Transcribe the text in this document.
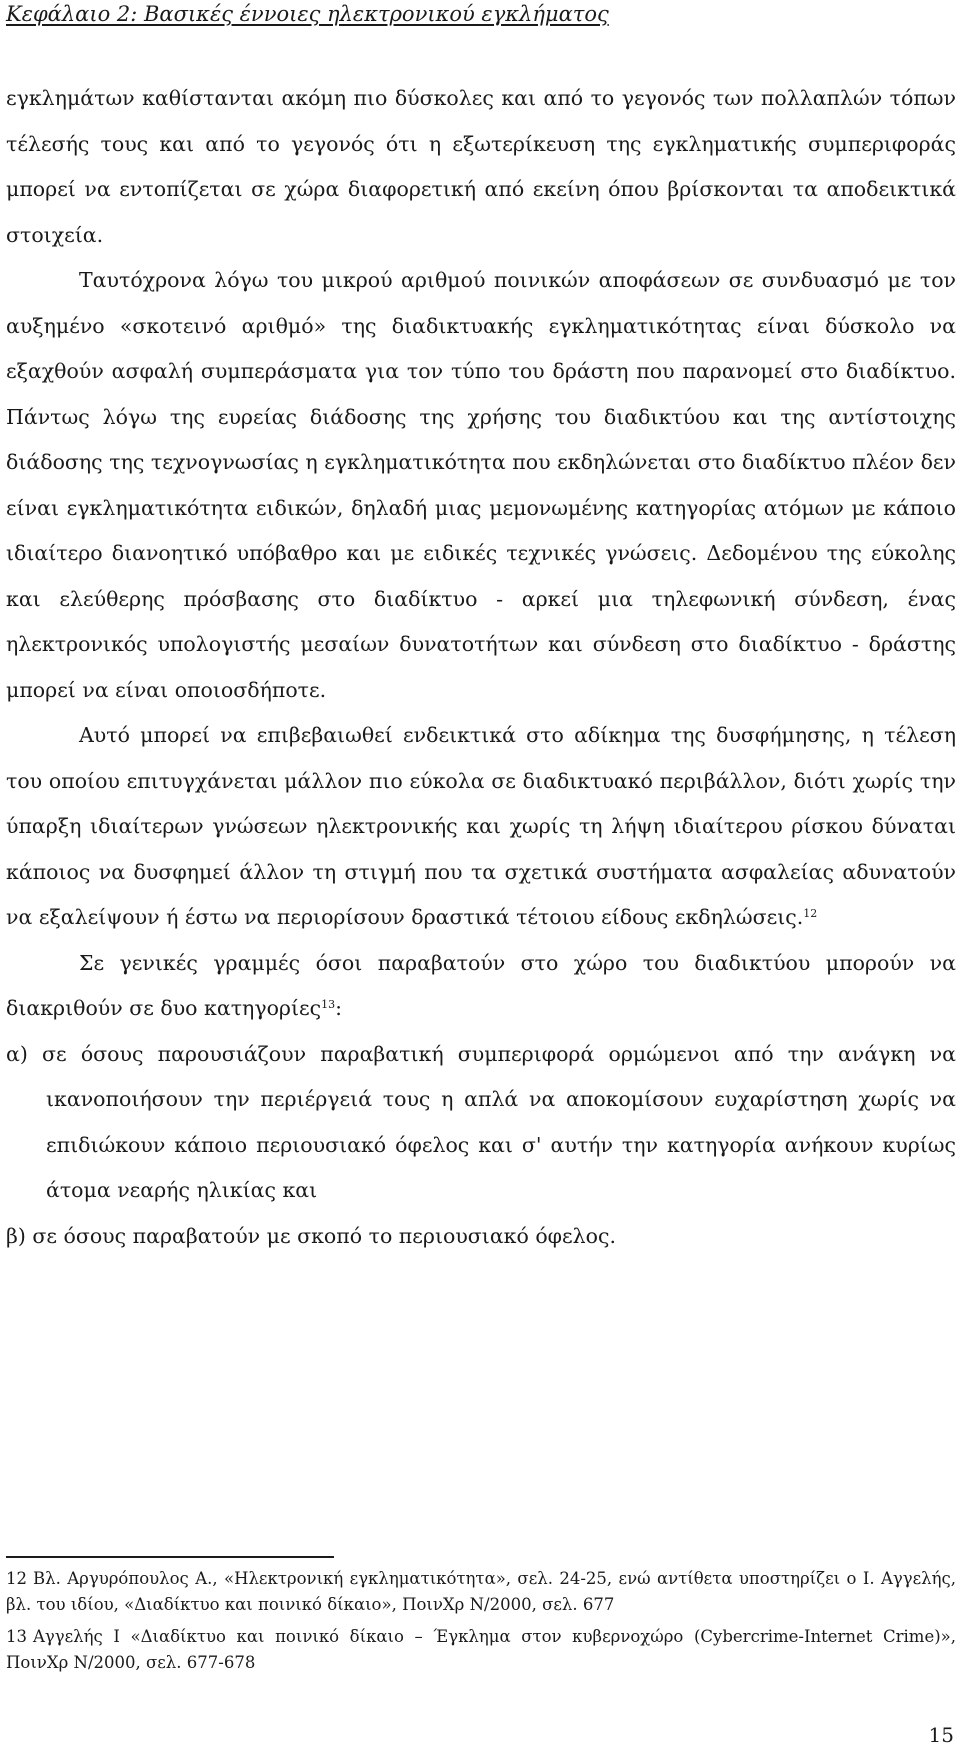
Κεφάλαιο 2: Βασικές έννοιες ηλεκτρονικού εγκλήματος

εγκλημάτων καθίστανται ακόμη πιο δύσκολες και από το γεγονός των πολλαπλών τόπων τέλεσής τους και από το γεγονός ότι η εξωτερίκευση της εγκληματικής συμπεριφοράς μπορεί να εντοπίζεται σε χώρα διαφορετική από εκείνη όπου βρίσκονται τα αποδεικτικά στοιχεία.

Ταυτόχρονα λόγω του μικρού αριθμού ποινικών αποφάσεων σε συνδυασμό με τον αυξημένο «σκοτεινό αριθμό» της διαδικτυακής εγκληματικότητας είναι δύσκολο να εξαχθούν ασφαλή συμπεράσματα για τον τύπο του δράστη που παρανομεί στο διαδίκτυο. Πάντως λόγω της ευρείας διάδοσης της χρήσης του διαδικτύου και της αντίστοιχης διάδοσης της τεχνογνωσίας η εγκληματικότητα που εκδηλώνεται στο διαδίκτυο πλέον δεν είναι εγκληματικότητα ειδικών, δηλαδή μιας μεμονωμένης κατηγορίας ατόμων με κάποιο ιδιαίτερο διανοητικό υπόβαθρο και με ειδικές τεχνικές γνώσεις. Δεδομένου της εύκολης και ελεύθερης πρόσβασης στο διαδίκτυο - αρκεί μια τηλεφωνική σύνδεση, ένας ηλεκτρονικός υπολογιστής μεσαίων δυνατοτήτων και σύνδεση στο διαδίκτυο - δράστης μπορεί να είναι οποιοσδήποτε.

Αυτό μπορεί να επιβεβαιωθεί ενδεικτικά στο αδίκημα της δυσφήμησης, η τέλεση του οποίου επιτυγχάνεται μάλλον πιο εύκολα σε διαδικτυακό περιβάλλον, διότι χωρίς την ύπαρξη ιδιαίτερων γνώσεων ηλεκτρονικής και χωρίς τη λήψη ιδιαίτερου ρίσκου δύναται κάποιος να δυσφημεί άλλον τη στιγμή που τα σχετικά συστήματα ασφαλείας αδυνατούν να εξαλείψουν ή έστω να περιορίσουν δραστικά τέτοιου είδους εκδηλώσεις.$^{12}$

Σε γενικές γραμμές όσοι παραβατούν στο χώρο του διαδικτύου μπορούν να διακριθούν σε δυο κατηγορίες$^{13}$:

α) σε όσους παρουσιάζουν παραβατική συμπεριφορά ορμώμενοι από την ανάγκη να ικανοποιήσουν την περιέργειά τους η απλά να αποκομίσουν ευχαρίστηση χωρίς να επιδιώκουν κάποιο περιουσιακό όφελος και σ' αυτήν την κατηγορία ανήκουν κυρίως άτομα νεαρής ηλικίας και

β) σε όσους παραβατούν με σκοπό το περιουσιακό όφελος.

12 Βλ. Αργυρόπουλος Α., «Ηλεκτρονική εγκληματικότητα», σελ. 24-25, ενώ αντίθετα υποστηρίζει ο Ι. Αγγελής, βλ. του ιδίου, «Διαδίκτυο και ποινικό δίκαιο», ΠοινΧρ Ν/2000, σελ. 677

13 Αγγελής Ι «Διαδίκτυο και ποινικό δίκαιο – Έγκλημα στον κυβερνοχώρο (Cybercrime-Internet Crime)», ΠοινΧρ Ν/2000, σελ. 677-678

15
